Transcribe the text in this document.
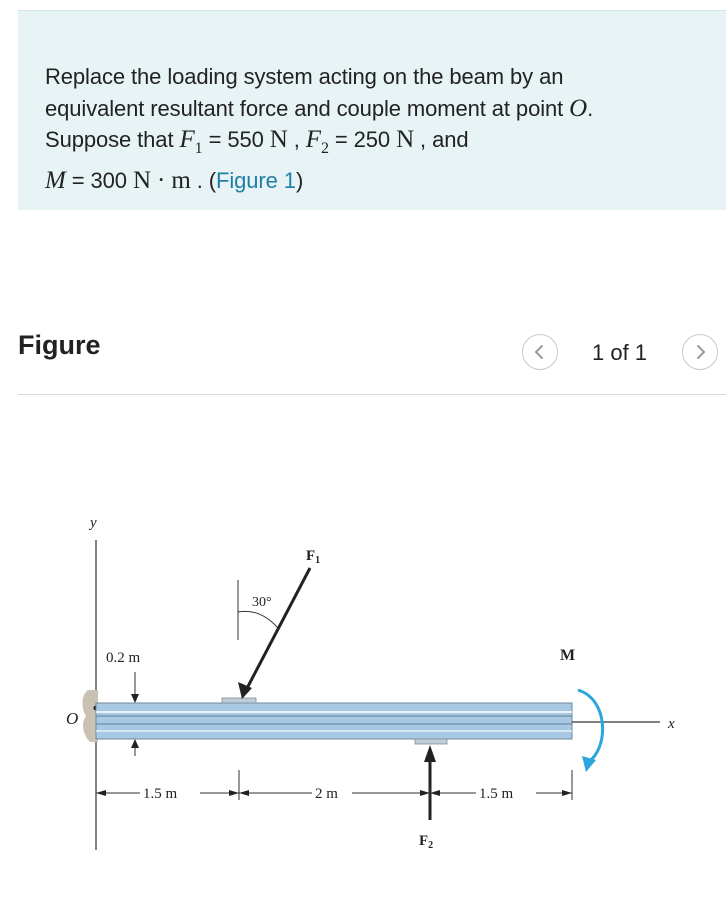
Replace the loading system acting on the beam by an
equivalent resultant force and couple moment at point O.
Suppose that $F_1 = 550$ N , $F_2 = 250$ N , and
M = 300 N · m . (Figure 1)
Figure	1 of 1
y
O	x
0.2 m
$F_1$
30°
$F_2$
M
1.5 m	2 m	1.5 m
